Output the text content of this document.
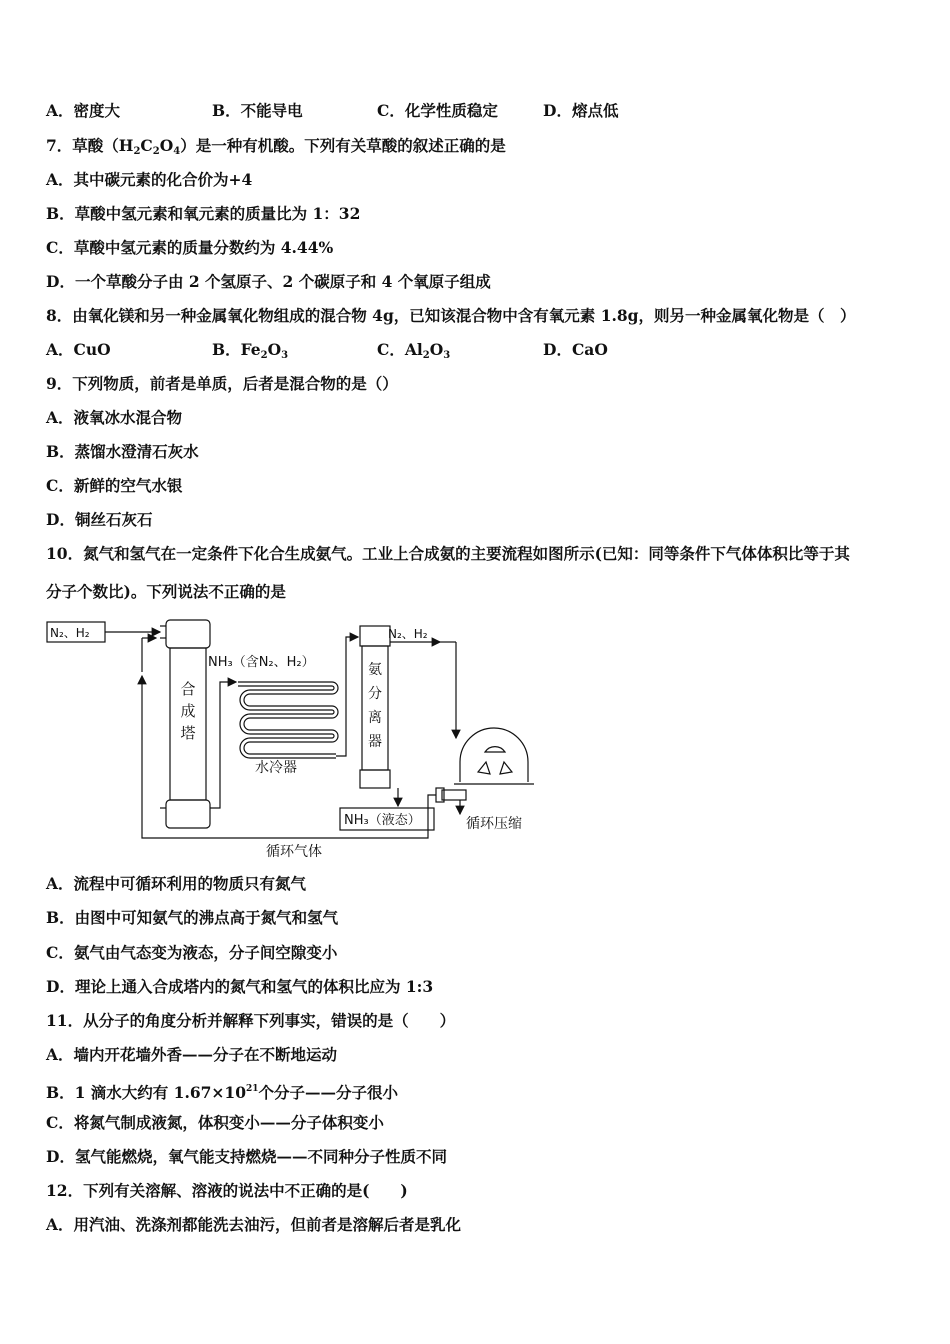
A．密度大	B．不能导电	C．化学性质稳定	D．熔点低
7．草酸$(H_2C_2O_4)$是一种有机酸。下列有关草酸的叙述正确的是
A．其中碳元素的化合价为+4
B．草酸中氢元素和氧元素的质量比为 1：32
C．草酸中氢元素的质量分数约为 4.44%
D．一个草酸分子由 2 个氢原子、2 个碳原子和 4 个氧原子组成
8．由氧化镁和另一种金属氧化物组成的混合物 4g，已知该混合物中含有氧元素 1.8g，则另一种金属氧化物是（　）
A．CuO	B．$Fe_2O_3$	C．$Al_2O_3$	D．CaO
9．下列物质，前者是单质，后者是混合物的是（）
A．液氧冰水混合物
B．蒸馏水澄清石灰水
C．新鲜的空气水银
D．铜丝石灰石
10．氮气和氢气在一定条件下化合生成氨气。工业上合成氨的主要流程如图所示(已知：同等条件下气体体积比等于其
分子个数比)。下列说法不正确的是
N₂、H₂
合
成
塔
NH₃（含N₂、H₂）
水冷器
氨
分
离
器
N₂、H₂
NH₃（液态）	循环压缩
循环气体
A．流程中可循环利用的物质只有氮气
B．由图中可知氨气的沸点高于氮气和氢气
C．氨气由气态变为液态，分子间空隙变小
D．理论上通入合成塔内的氮气和氢气的体积比应为 1:3
11．从分子的角度分析并解释下列事实，错误的是（　　）
A．墙内开花墙外香——分子在不断地运动
B．1 滴水大约有 $1.67\times 10^{21}$个分子——分子很小
C．将氮气制成液氮，体积变小——分子体积变小
D．氢气能燃烧，氧气能支持燃烧——不同种分子性质不同
12．下列有关溶解、溶液的说法中不正确的是(　　)
A．用汽油、洗涤剂都能洗去油污，但前者是溶解后者是乳化
